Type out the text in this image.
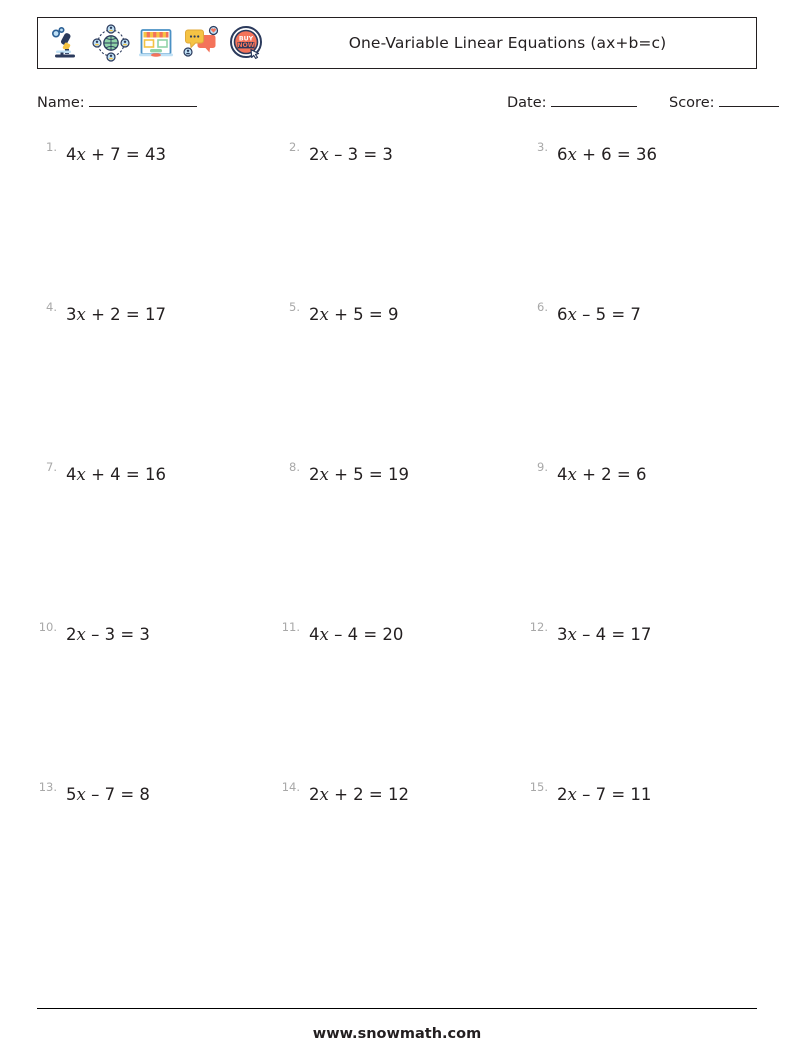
BUY
NOW	One-Variable Linear Equations (ax+b=c)
Name:	Date:	Score:
1. 4x + 7 = 43	2. 2x – 3 = 3	3. 6x + 6 = 36
4. 3x + 2 = 17	5. 2x + 5 = 9	6. 6x – 5 = 7
7. 4x + 4 = 16	8. 2x + 5 = 19	9. 4x + 2 = 6
10. 2x – 3 = 3	11. 4x – 4 = 20	12. 3x – 4 = 17
13. 5x – 7 = 8	14. 2x + 2 = 12	15. 2x – 7 = 11
www.snowmath.com
